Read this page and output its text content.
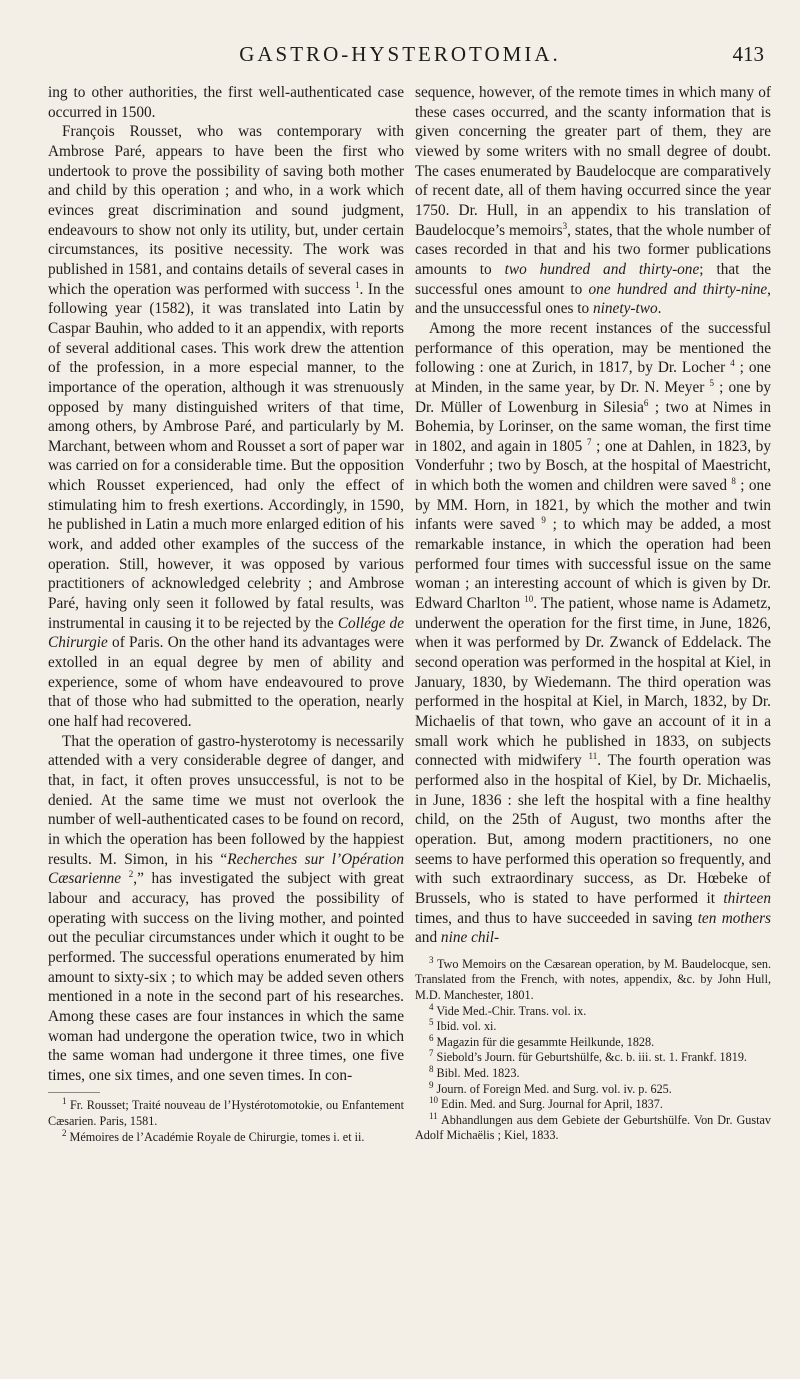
GASTRO-HYSTEROTOMIA.	413

ing to other authorities, the first well-authenticated case occurred in 1500.

François Rousset, who was contemporary with Ambrose Paré, appears to have been the first who undertook to prove the possibility of saving both mother and child by this operation ; and who, in a work which evinces great discrimination and sound judgment, endeavours to show not only its utility, but, under certain circumstances, its positive necessity. The work was published in 1581, and contains details of several cases in which the operation was performed with success $^1$. In the following year (1582), it was translated into Latin by Caspar Bauhin, who added to it an appendix, with reports of several additional cases. This work drew the attention of the profession, in a more especial manner, to the importance of the operation, although it was strenuously opposed by many distinguished writers of that time, among others, by Ambrose Paré, and particularly by M. Marchant, between whom and Rousset a sort of paper war was carried on for a considerable time. But the opposition which Rousset experienced, had only the effect of stimulating him to fresh exertions. Accordingly, in 1590, he published in Latin a much more enlarged edition of his work, and added other examples of the success of the operation. Still, however, it was opposed by various practitioners of acknowledged celebrity ; and Ambrose Paré, having only seen it followed by fatal results, was instrumental in causing it to be rejected by the Collége de Chirurgie of Paris. On the other hand its advantages were extolled in an equal degree by men of ability and experience, some of whom have endeavoured to prove that of those who had submitted to the operation, nearly one half had recovered.

That the operation of gastro-hysterotomy is necessarily attended with a very considerable degree of danger, and that, in fact, it often proves unsuccessful, is not to be denied. At the same time we must not overlook the number of well-authenticated cases to be found on record, in which the operation has been followed by the happiest results. M. Simon, in his “Recherches sur l’Opération Cæsarienne $^2$,” has investigated the subject with great labour and accuracy, has proved the possibility of operating with success on the living mother, and pointed out the peculiar circumstances under which it ought to be performed. The successful operations enumerated by him amount to sixty-six ; to which may be added seven others mentioned in a note in the second part of his researches. Among these cases are four instances in which the same woman had undergone the operation twice, two in which the same woman had undergone it three times, one five times, one six times, and one seven times. In con-

$^1$ Fr. Rousset; Traité nouveau de l’Hystérotomotokie, ou Enfantement Cæsarien. Paris, 1581.

$^2$ Mémoires de l’Académie Royale de Chirurgie, tomes i. et ii.

sequence, however, of the remote times in which many of these cases occurred, and the scanty information that is given concerning the greater part of them, they are viewed by some writers with no small degree of doubt. The cases enumerated by Baudelocque are comparatively of recent date, all of them having occurred since the year 1750. Dr. Hull, in an appendix to his translation of Baudelocque’s memoirs$^3$, states, that the whole number of cases recorded in that and his two former publications amounts to two hundred and thirty-one; that the successful ones amount to one hundred and thirty-nine, and the unsuccessful ones to ninety-two.

Among the more recent instances of the successful performance of this operation, may be mentioned the following : one at Zurich, in 1817, by Dr. Locher $^4$ ; one at Minden, in the same year, by Dr. N. Meyer $^5$ ; one by Dr. Müller of Lowenburg in Silesia$^6$ ; two at Nimes in Bohemia, by Lorinser, on the same woman, the first time in 1802, and again in 1805 $^7$ ; one at Dahlen, in 1823, by Vonderfuhr ; two by Bosch, at the hospital of Maestricht, in which both the women and children were saved $^8$ ; one by MM. Horn, in 1821, by which the mother and twin infants were saved $^9$ ; to which may be added, a most remarkable instance, in which the operation had been performed four times with successful issue on the same woman ; an interesting account of which is given by Dr. Edward Charlton $^{10}$. The patient, whose name is Adametz, underwent the operation for the first time, in June, 1826, when it was performed by Dr. Zwanck of Eddelack. The second operation was performed in the hospital at Kiel, in January, 1830, by Wiedemann. The third operation was performed in the hospital at Kiel, in March, 1832, by Dr. Michaelis of that town, who gave an account of it in a small work which he published in 1833, on subjects connected with midwifery $^{11}$. The fourth operation was performed also in the hospital of Kiel, by Dr. Michaelis, in June, 1836 : she left the hospital with a fine healthy child, on the 25th of August, two months after the operation. But, among modern practitioners, no one seems to have performed this operation so frequently, and with such extraordinary success, as Dr. Hœbeke of Brussels, who is stated to have performed it thirteen times, and thus to have succeeded in saving ten mothers and nine chil-

$^3$ Two Memoirs on the Cæsarean operation, by M. Baudelocque, sen. Translated from the French, with notes, appendix, &c. by John Hull, M.D. Manchester, 1801.

$^4$ Vide Med.-Chir. Trans. vol. ix.

$^5$ Ibid. vol. xi.

$^6$ Magazin für die gesammte Heilkunde, 1828.

$^7$ Siebold’s Journ. für Geburtshülfe, &c. b. iii. st. 1. Frankf. 1819.

$^8$ Bibl. Med. 1823.

$^9$ Journ. of Foreign Med. and Surg. vol. iv. p. 625.

$^{10}$ Edin. Med. and Surg. Journal for April, 1837.

$^{11}$ Abhandlungen aus dem Gebiete der Geburtshülfe. Von Dr. Gustav Adolf Michaëlis ; Kiel, 1833.
